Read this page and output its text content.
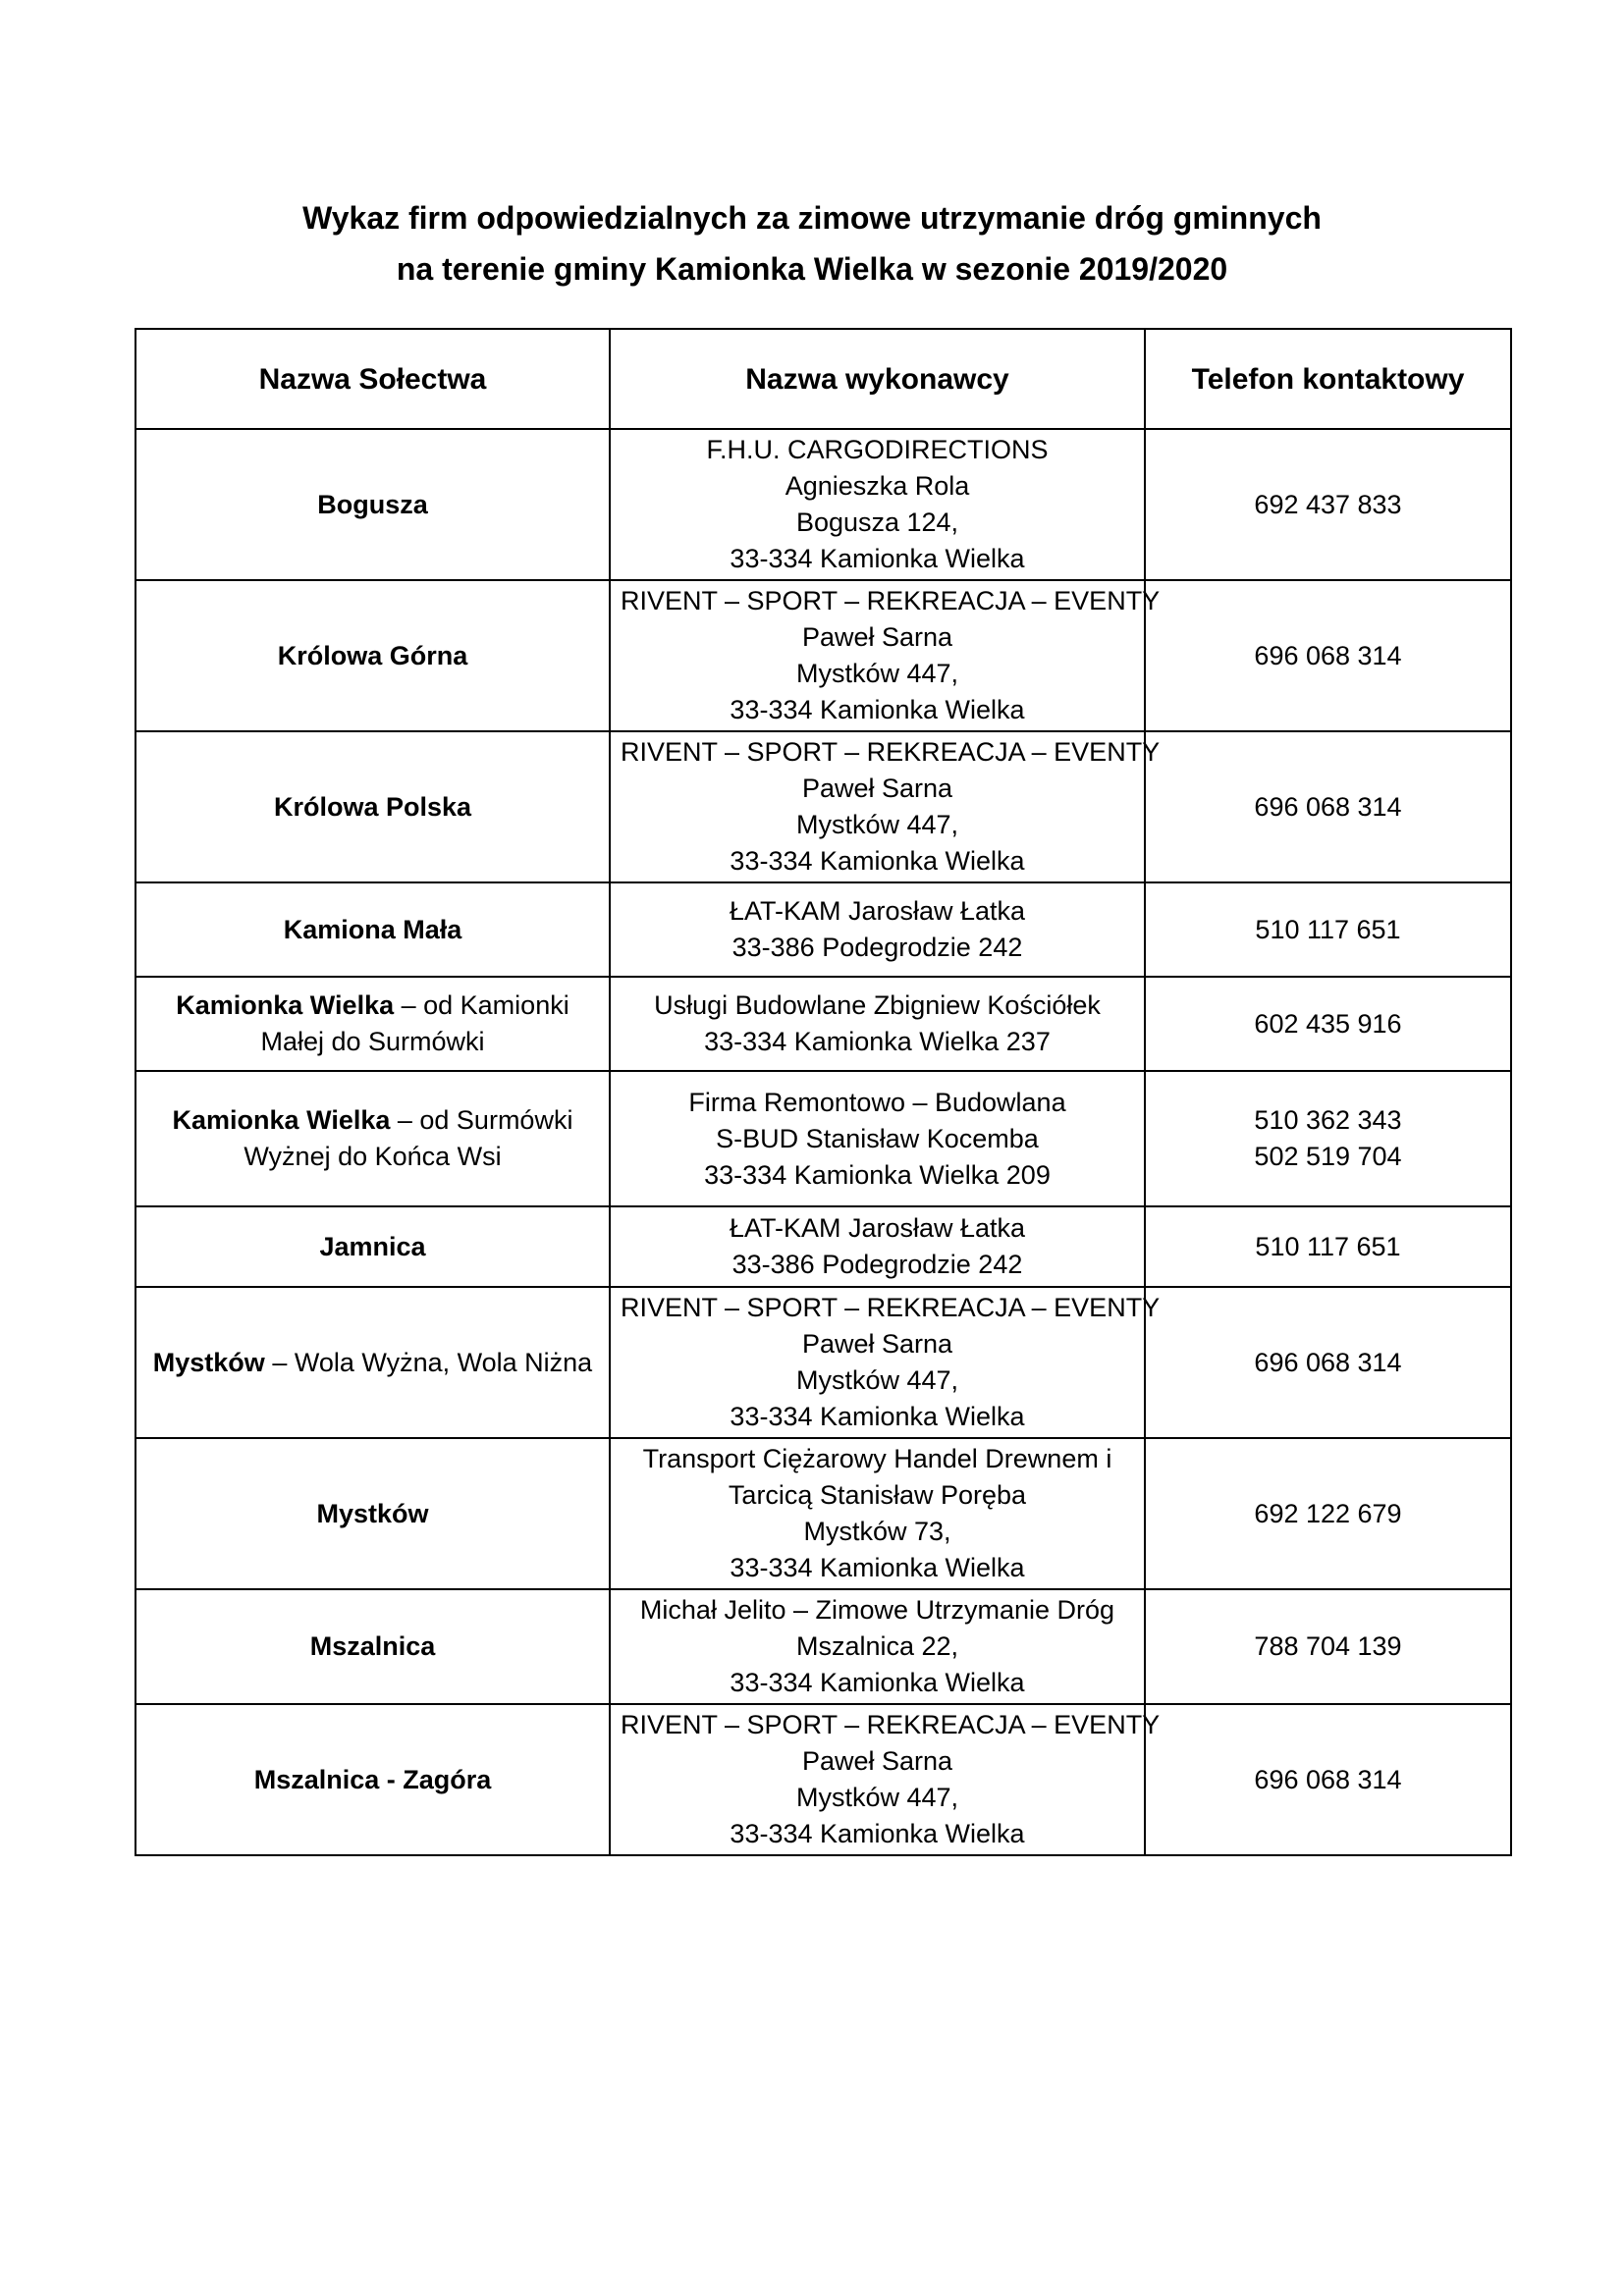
Wykaz firm odpowiedzialnych za zimowe utrzymanie dróg gminnych
na terenie gminy Kamionka Wielka w sezonie 2019/2020
Nazwa Sołectwa	Nazwa wykonawcy	Telefon kontaktowy
Bogusza	F.H.U. CARGODIRECTIONS
Agnieszka Rola
Bogusza 124,
33-334 Kamionka Wielka	692 437 833

Królowa Górna	RIVENT – SPORT – REKREACJA – EVENTY
Paweł Sarna
Mystków 447,
33-334 Kamionka Wielka	696 068 314

Królowa Polska	RIVENT – SPORT – REKREACJA – EVENTY
Paweł Sarna
Mystków 447,
33-334 Kamionka Wielka	696 068 314

Kamiona Mała	ŁAT-KAM Jarosław Łatka
33-386 Podegrodzie 242	510 117 651

Kamionka Wielka – od Kamionki Małej do Surmówki	Usługi Budowlane Zbigniew Kościółek
33-334 Kamionka Wielka 237	602 435 916

Kamionka Wielka – od Surmówki Wyżnej do Końca Wsi	Firma Remontowo – Budowlana
S-BUD Stanisław Kocemba
33-334 Kamionka Wielka 209	510 362 343
502 519 704

Jamnica	ŁAT-KAM Jarosław Łatka
33-386 Podegrodzie 242	510 117 651

Mystków – Wola Wyżna, Wola Niżna	RIVENT – SPORT – REKREACJA – EVENTY
Paweł Sarna
Mystków 447,
33-334 Kamionka Wielka	696 068 314

Mystków	Transport Ciężarowy Handel Drewnem i
Tarcicą Stanisław Poręba
Mystków 73,
33-334 Kamionka Wielka	692 122 679

Mszalnica	Michał Jelito – Zimowe Utrzymanie Dróg
Mszalnica 22,
33-334 Kamionka Wielka	788 704 139

Mszalnica - Zagóra	RIVENT – SPORT – REKREACJA – EVENTY
Paweł Sarna
Mystków 447,
33-334 Kamionka Wielka	696 068 314
